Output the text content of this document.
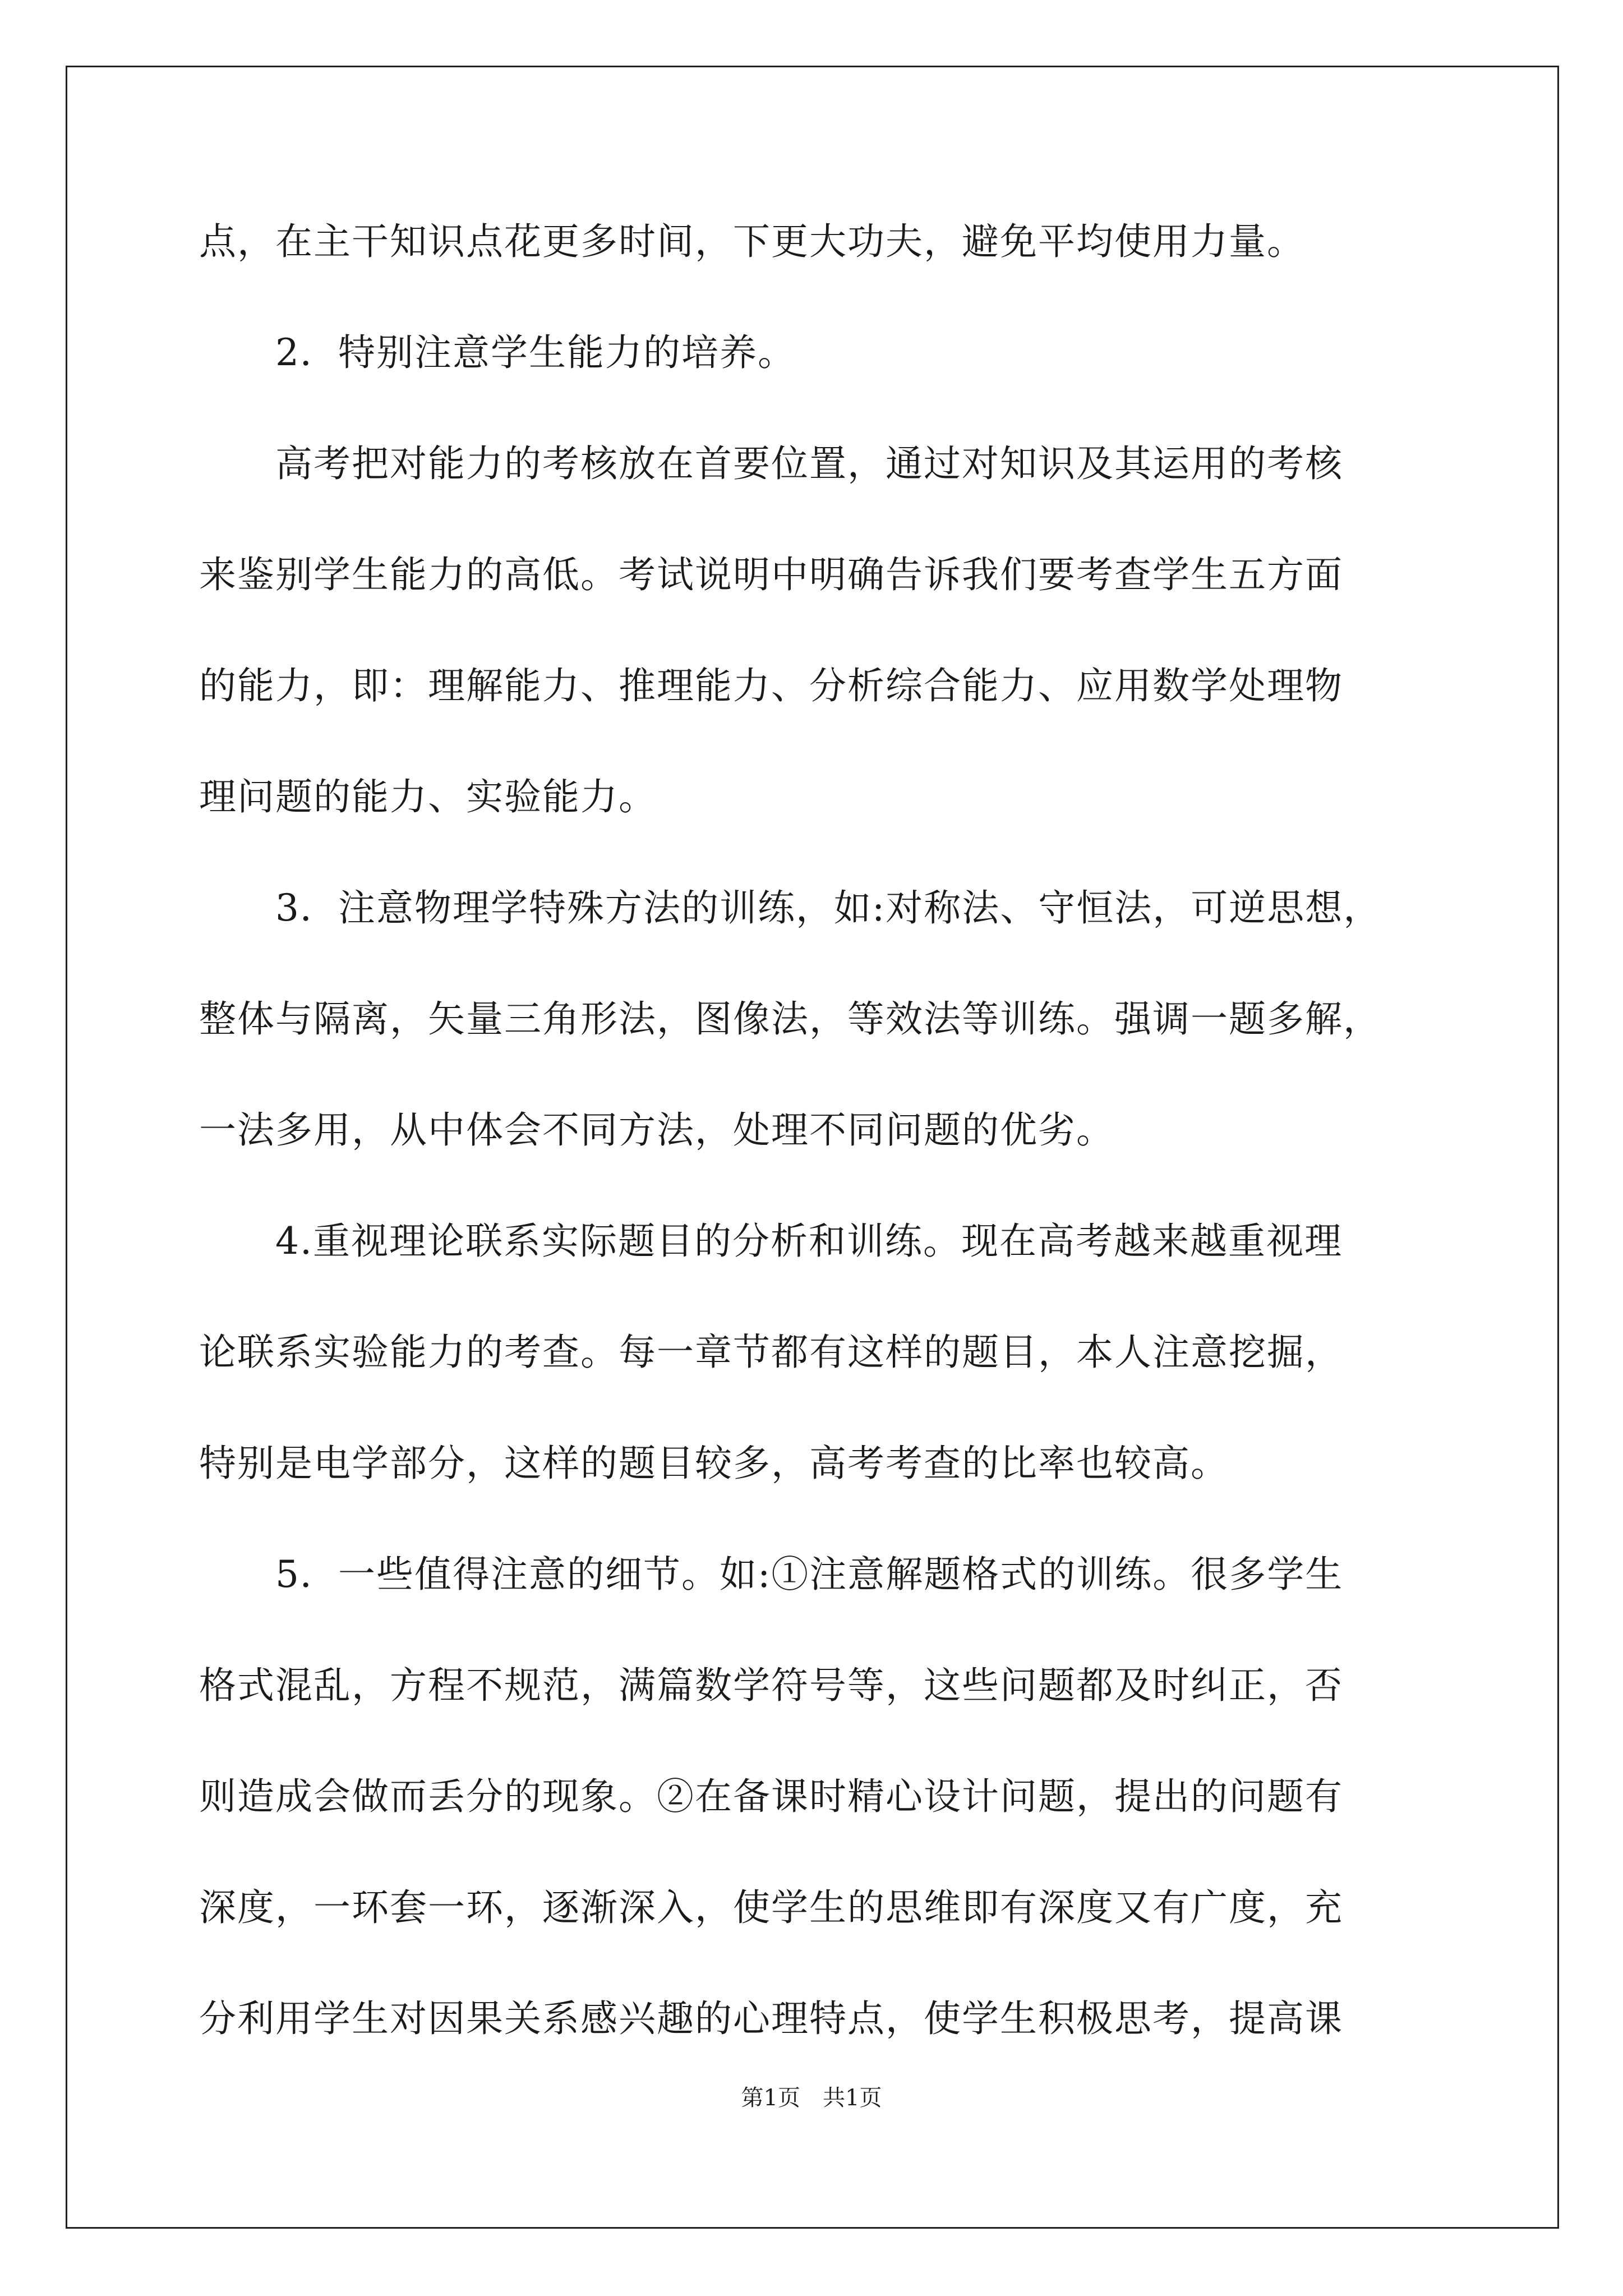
点，在主干知识点花更多时间，下更大功夫，避免平均使用力量。
2．特别注意学生能力的培养。
高考把对能力的考核放在首要位置，通过对知识及其运用的考核
来鉴别学生能力的高低。考试说明中明确告诉我们要考查学生五方面
的能力，即：理解能力、推理能力、分析综合能力、应用数学处理物
理问题的能力、实验能力。
3．注意物理学特殊方法的训练，如:对称法、守恒法，可逆思想，
整体与隔离，矢量三角形法，图像法，等效法等训练。强调一题多解，
一法多用，从中体会不同方法，处理不同问题的优劣。
4.重视理论联系实际题目的分析和训练。现在高考越来越重视理
论联系实验能力的考查。每一章节都有这样的题目，本人注意挖掘，
特别是电学部分，这样的题目较多，高考考查的比率也较高。
5．一些值得注意的细节。如:①注意解题格式的训练。很多学生
格式混乱，方程不规范，满篇数学符号等，这些问题都及时纠正，否
则造成会做而丢分的现象。②在备课时精心设计问题，提出的问题有
深度，一环套一环，逐渐深入，使学生的思维即有深度又有广度，充
分利用学生对因果关系感兴趣的心理特点，使学生积极思考，提高课
第1页 共1页
